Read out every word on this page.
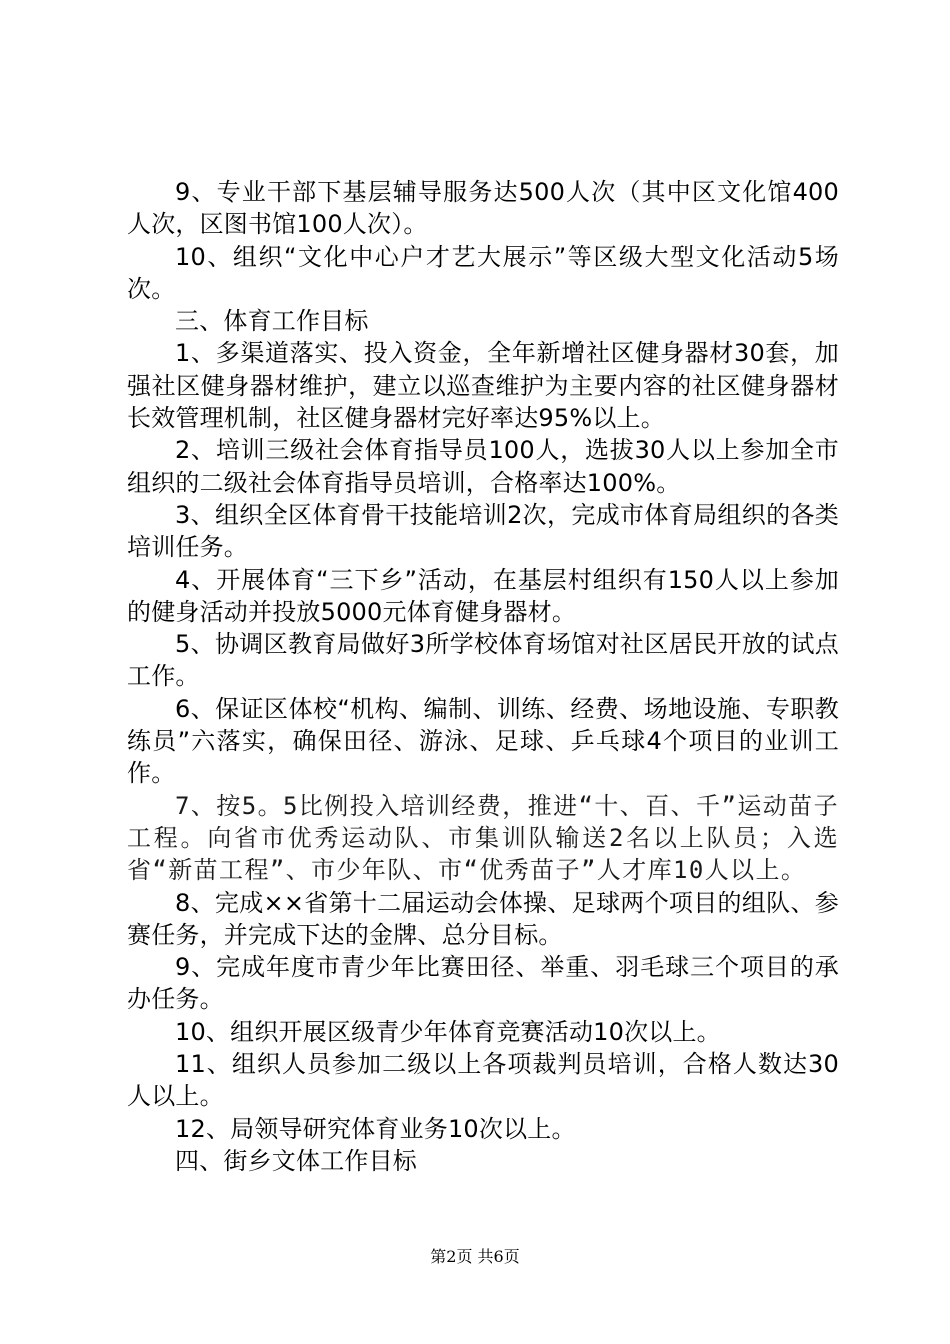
9、专业干部下基层辅导服务达500人次（其中区文化馆400人次，区图书馆100人次）。

10、组织“文化中心户才艺大展示”等区级大型文化活动5场次。

三、体育工作目标

1、多渠道落实、投入资金，全年新增社区健身器材30套，加强社区健身器材维护，建立以巡查维护为主要内容的社区健身器材长效管理机制，社区健身器材完好率达95%以上。

2、培训三级社会体育指导员100人，选拔30人以上参加全市组织的二级社会体育指导员培训，合格率达100%。

3、组织全区体育骨干技能培训2次，完成市体育局组织的各类培训任务。

4、开展体育“三下乡”活动，在基层村组织有150人以上参加的健身活动并投放5000元体育健身器材。

5、协调区教育局做好3所学校体育场馆对社区居民开放的试点工作。

6、保证区体校“机构、编制、训练、经费、场地设施、专职教练员”六落实，确保田径、游泳、足球、乒乓球4个项目的业训工作。

7、按5。5比例投入培训经费，推进“十、百、千”运动苗子工程。向省市优秀运动队、市集训队输送2名以上队员；入选省“新苗工程”、市少年队、市“优秀苗子”人才库10人以上。

8、完成××省第十二届运动会体操、足球两个项目的组队、参赛任务，并完成下达的金牌、总分目标。

9、完成年度市青少年比赛田径、举重、羽毛球三个项目的承办任务。

10、组织开展区级青少年体育竞赛活动10次以上。

11、组织人员参加二级以上各项裁判员培训，合格人数达30人以上。

12、局领导研究体育业务10次以上。

四、街乡文体工作目标

第2页 共6页
